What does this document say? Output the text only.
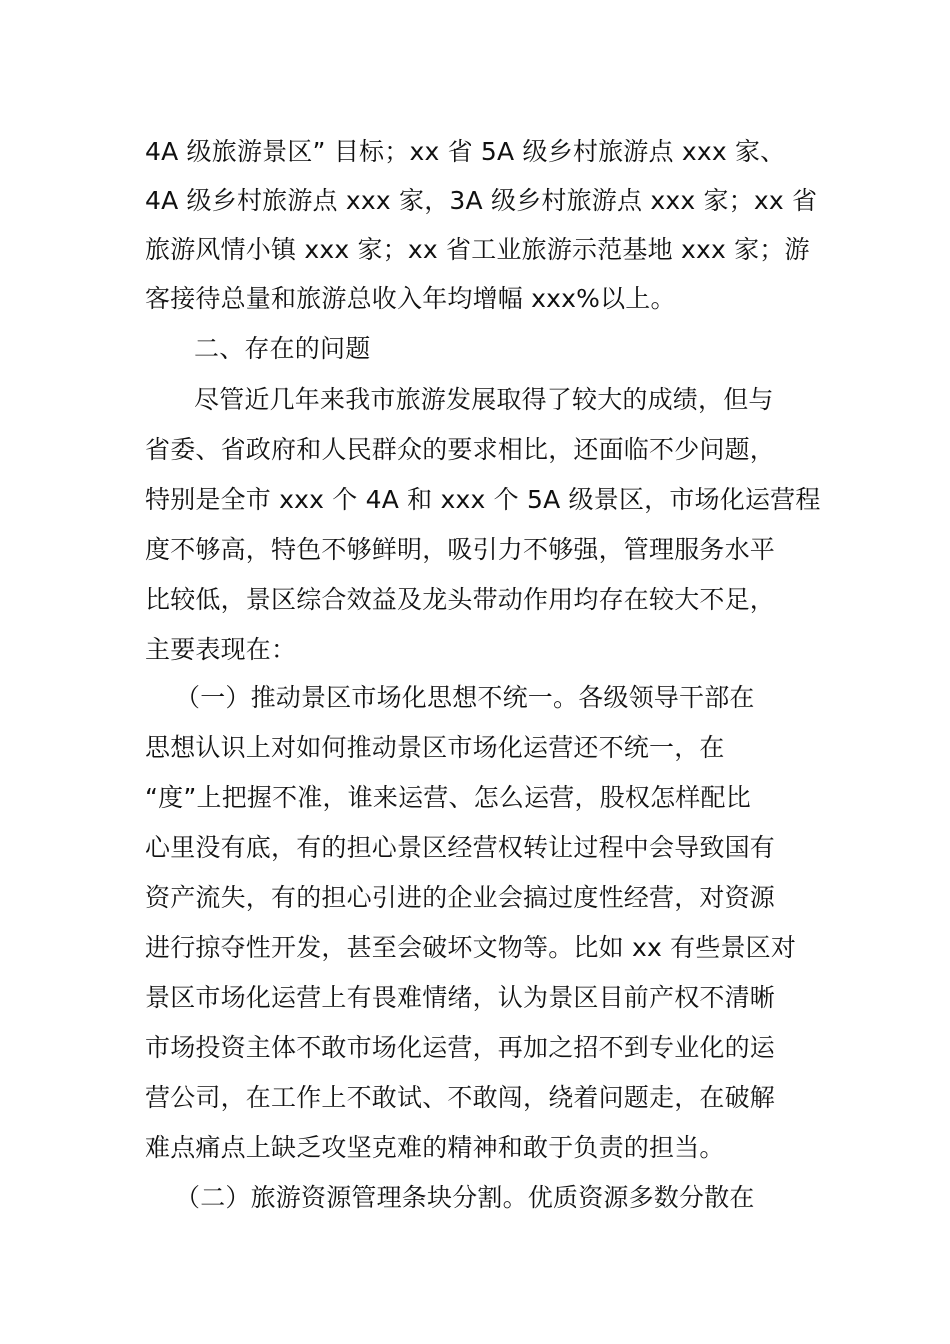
4A 级旅游景区” 目标；xx 省 5A 级乡村旅游点 xxx 家、
4A 级乡村旅游点 xxx 家，3A 级乡村旅游点 xxx 家；xx 省
旅游风情小镇 xxx 家；xx 省工业旅游示范基地 xxx 家；游
客接待总量和旅游总收入年均增幅 xxx%以上。
二、存在的问题
尽管近几年来我市旅游发展取得了较大的成绩，但与
省委、省政府和人民群众的要求相比，还面临不少问题，
特别是全市 xxx 个 4A 和 xxx 个 5A 级景区，市场化运营程
度不够高，特色不够鲜明，吸引力不够强，管理服务水平
比较低，景区综合效益及龙头带动作用均存在较大不足，
主要表现在：
（一）推动景区市场化思想不统一。各级领导干部在
思想认识上对如何推动景区市场化运营还不统一，在
“度”上把握不准，谁来运营、怎么运营，股权怎样配比
心里没有底，有的担心景区经营权转让过程中会导致国有
资产流失，有的担心引进的企业会搞过度性经营，对资源
进行掠夺性开发，甚至会破坏文物等。比如 xx 有些景区对
景区市场化运营上有畏难情绪，认为景区目前产权不清晰
市场投资主体不敢市场化运营，再加之招不到专业化的运
营公司，在工作上不敢试、不敢闯，绕着问题走，在破解
难点痛点上缺乏攻坚克难的精神和敢于负责的担当。
（二）旅游资源管理条块分割。优质资源多数分散在
